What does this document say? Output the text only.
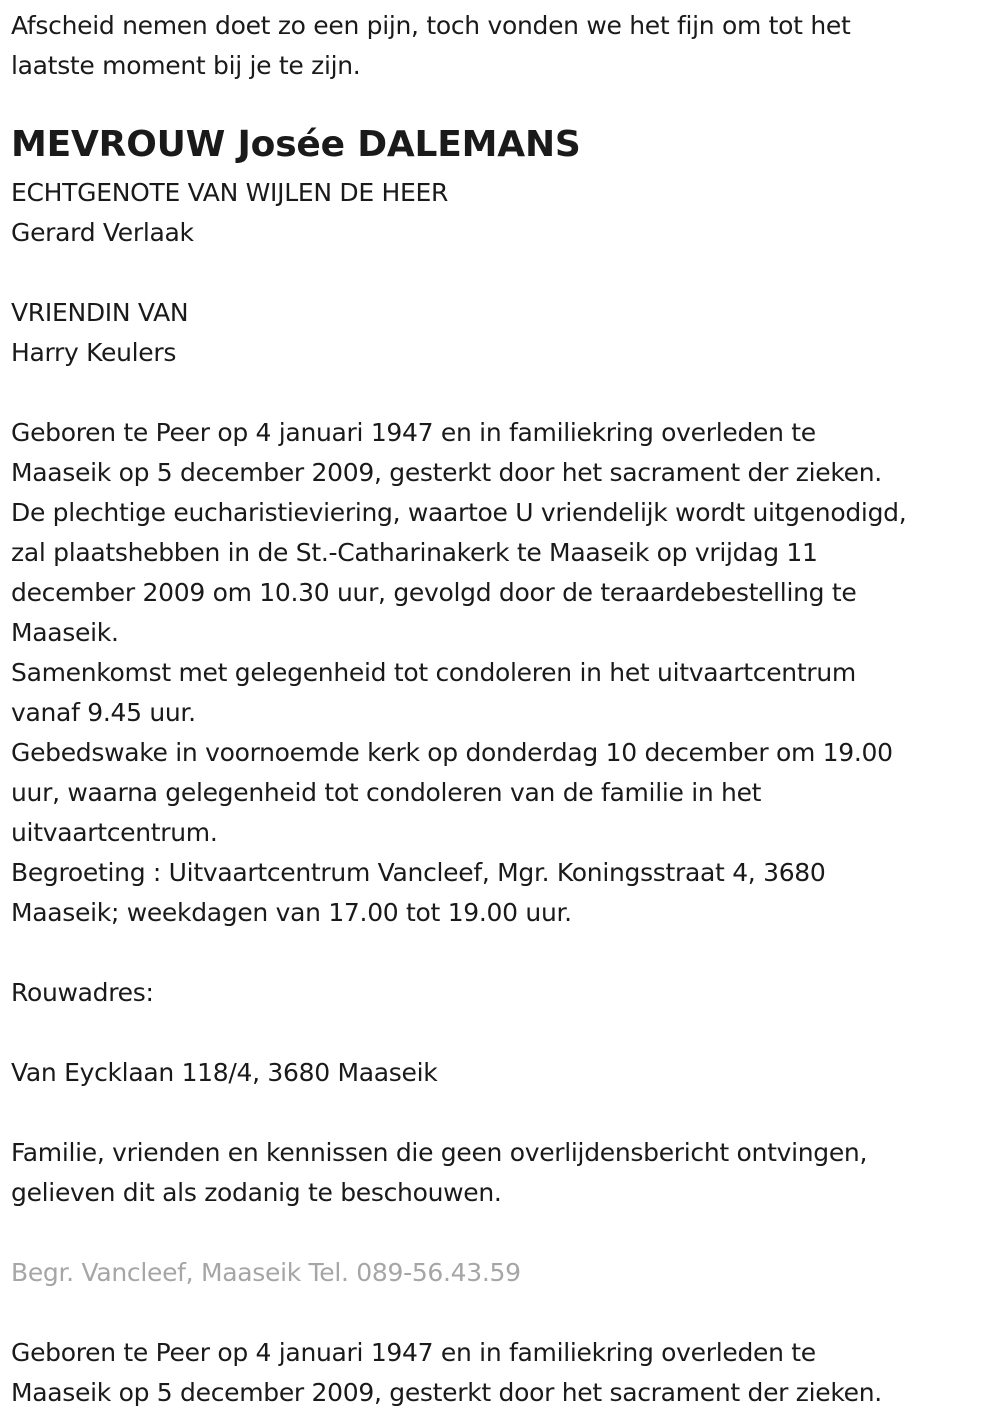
Afscheid nemen doet zo een pijn, toch vonden we het fijn om tot het
laatste moment bij je te zijn.
MEVROUW Josée DALEMANS
ECHTGENOTE VAN WIJLEN DE HEER
Gerard Verlaak
VRIENDIN VAN
Harry Keulers
Geboren te Peer op 4 januari 1947 en in familiekring overleden te
Maaseik op 5 december 2009, gesterkt door het sacrament der zieken.
De plechtige eucharistieviering, waartoe U vriendelijk wordt uitgenodigd,
zal plaatshebben in de St.-Catharinakerk te Maaseik op vrijdag 11
december 2009 om 10.30 uur, gevolgd door de teraardebestelling te
Maaseik.
Samenkomst met gelegenheid tot condoleren in het uitvaartcentrum
vanaf 9.45 uur.
Gebedswake in voornoemde kerk op donderdag 10 december om 19.00
uur, waarna gelegenheid tot condoleren van de familie in het
uitvaartcentrum.
Begroeting : Uitvaartcentrum Vancleef, Mgr. Koningsstraat 4, 3680
Maaseik; weekdagen van 17.00 tot 19.00 uur.
Rouwadres:
Van Eycklaan 118/4, 3680 Maaseik
Familie, vrienden en kennissen die geen overlijdensbericht ontvingen,
gelieven dit als zodanig te beschouwen.
Begr. Vancleef, Maaseik Tel. 089-56.43.59
Geboren te Peer op 4 januari 1947 en in familiekring overleden te
Maaseik op 5 december 2009, gesterkt door het sacrament der zieken.
